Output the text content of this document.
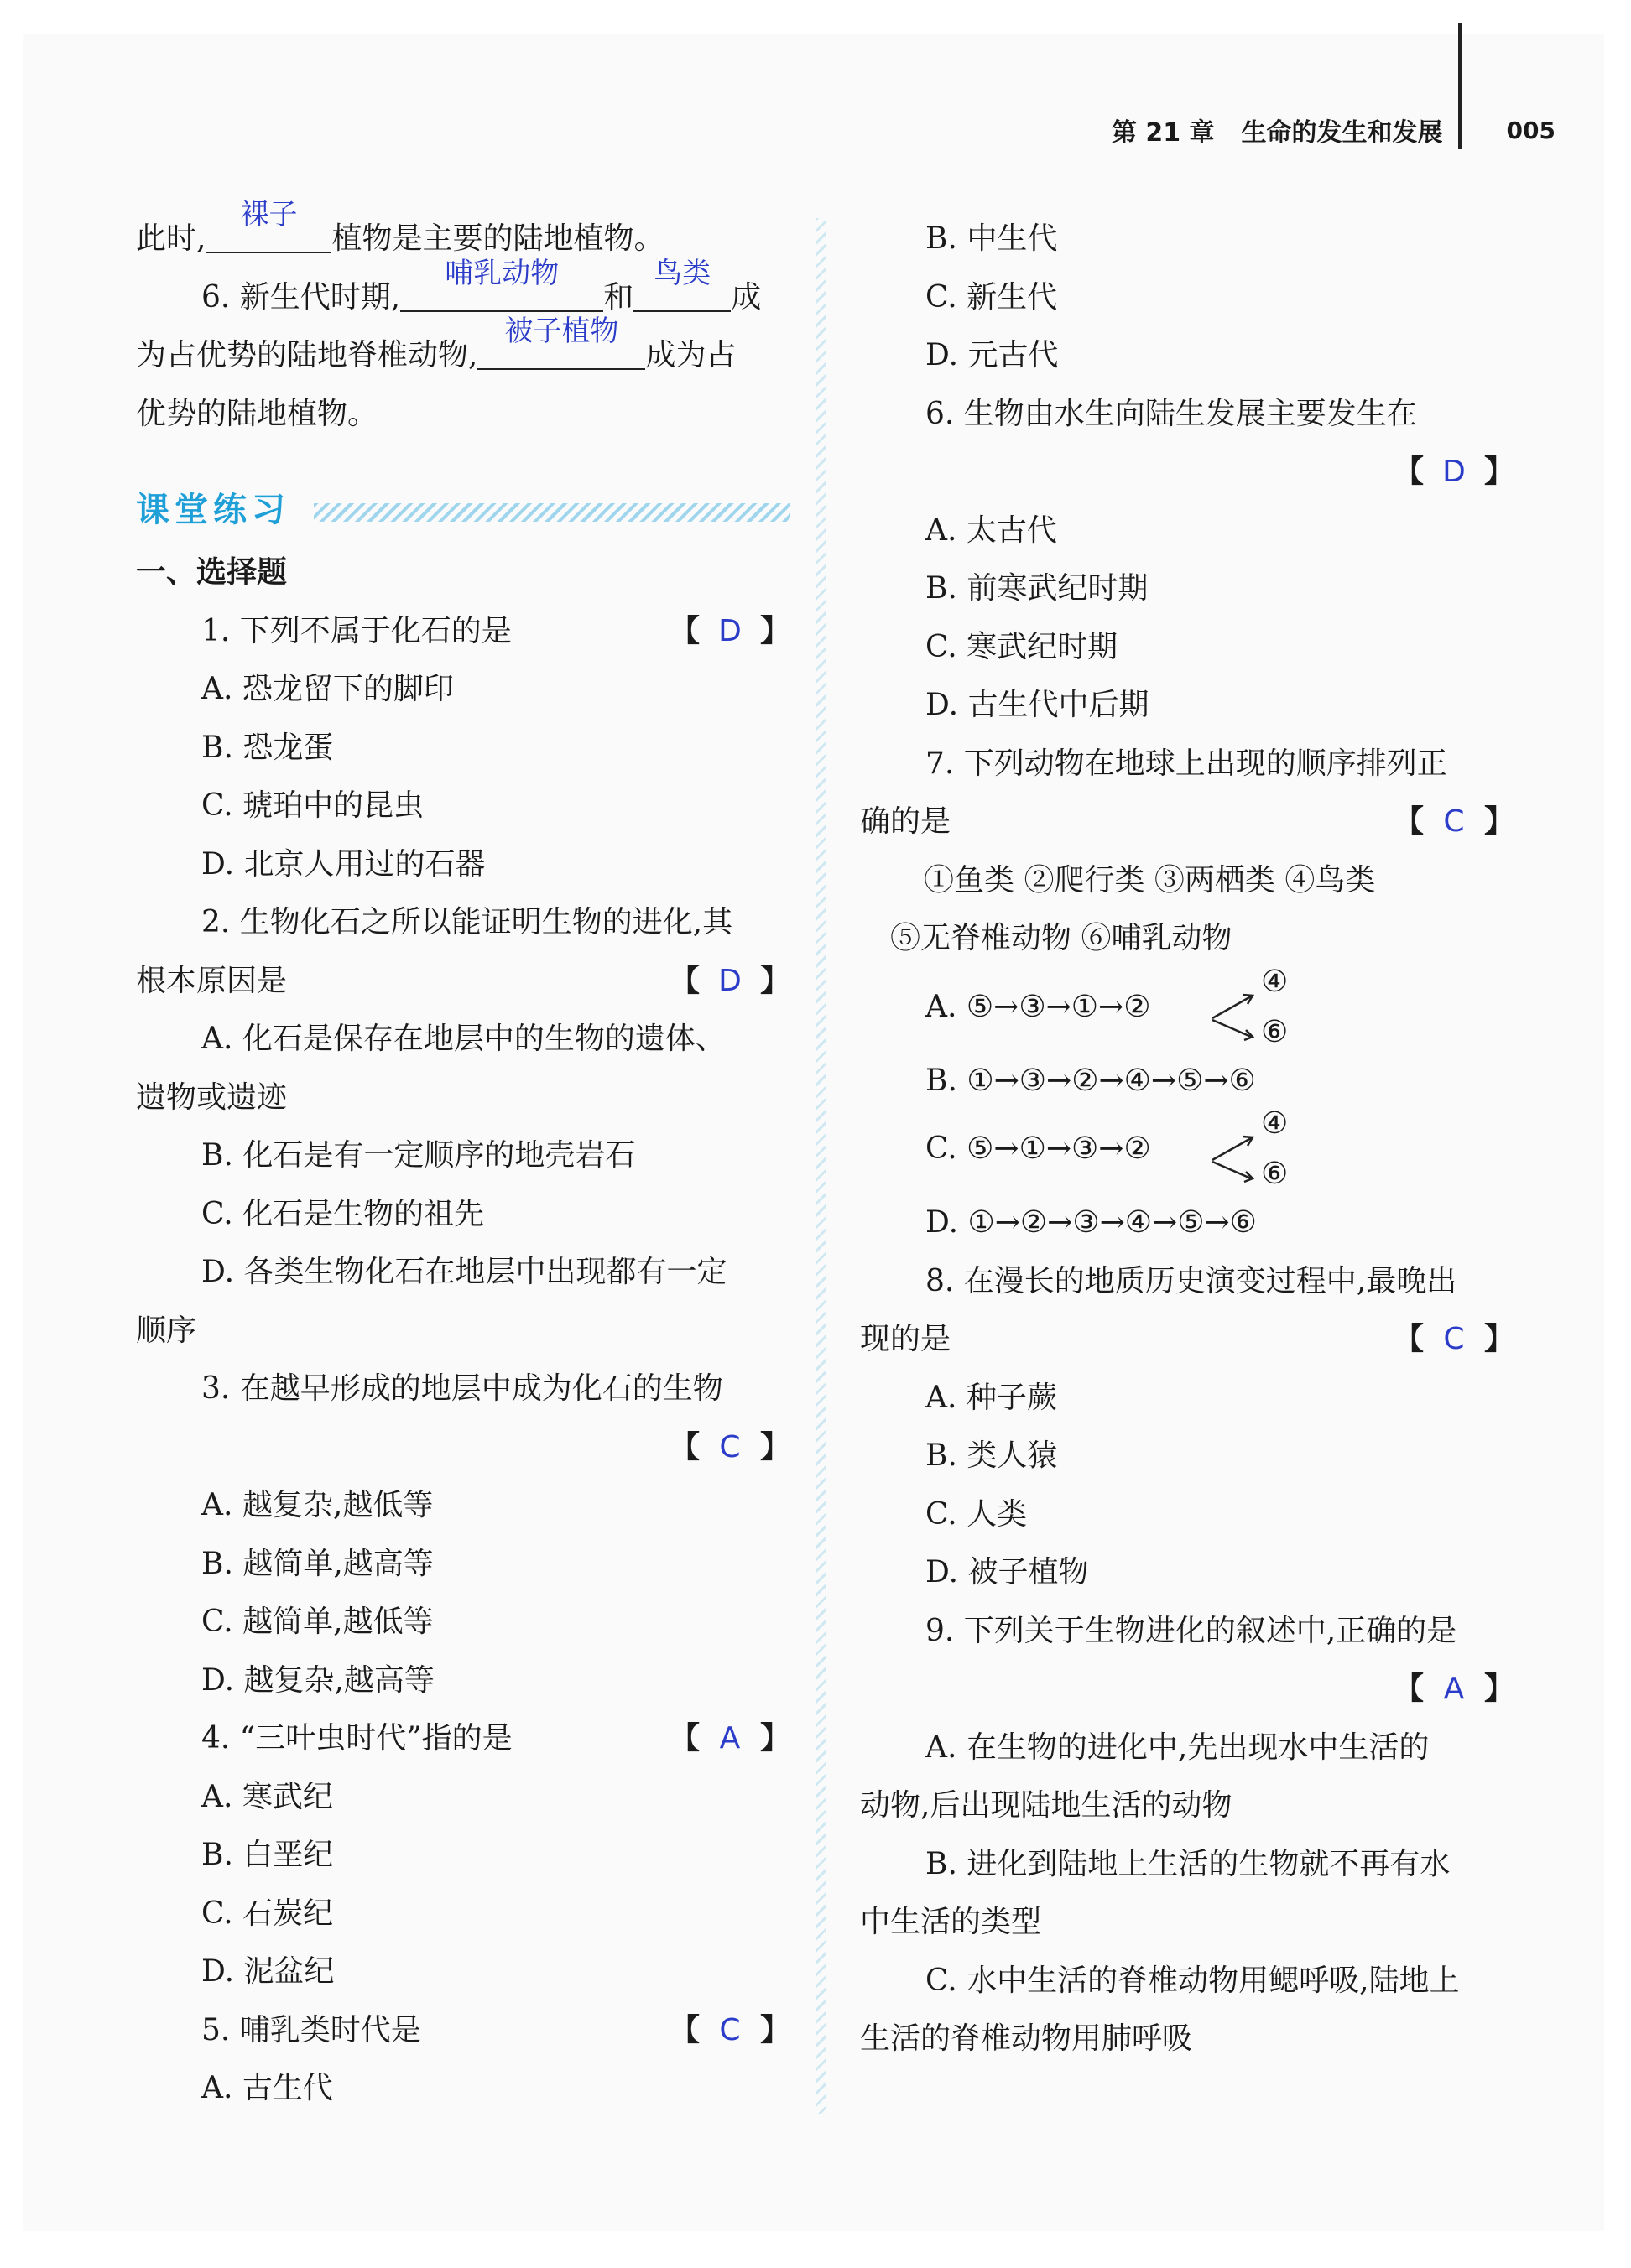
第 21 章 生命的发生和发展	005
此时,
裸子
植物是主要的陆地植物。
6. 新生代时期,
哺乳动物
和
鸟类
成
为占优势的陆地脊椎动物,
被子植物
成为占
优势的陆地植物。
课堂练习
一、选择题
1. 下列不属于化石的是	【 D 】
A. 恐龙留下的脚印
B. 恐龙蛋
C. 琥珀中的昆虫
D. 北京人用过的石器
2. 生物化石之所以能证明生物的进化,其
根本原因是	【 D 】
A. 化石是保存在地层中的生物的遗体、
遗物或遗迹
B. 化石是有一定顺序的地壳岩石
C. 化石是生物的祖先
D. 各类生物化石在地层中出现都有一定
顺序
3. 在越早形成的地层中成为化石的生物
【 C 】
A. 越复杂,越低等
B. 越简单,越高等
C. 越简单,越低等
D. 越复杂,越高等
4. “三叶虫时代”指的是	【 A 】
A. 寒武纪
B. 白垩纪
C. 石炭纪
D. 泥盆纪
5. 哺乳类时代是	【 C 】
A. 古生代
B. 中生代
C. 新生代
D. 元古代
6. 生物由水生向陆生发展主要发生在
【 D 】
A. 太古代
B. 前寒武纪时期
C. 寒武纪时期
D. 古生代中后期
7. 下列动物在地球上出现的顺序排列正
确的是	【 C 】
①鱼类 ②爬行类 ③两栖类 ④鸟类
⑤无脊椎动物 ⑥哺乳动物
A. ⑤→③→①→②
④
⑥
B. ①→③→②→④→⑤→⑥
C. ⑤→①→③→②
④
⑥
D. ①→②→③→④→⑤→⑥
8. 在漫长的地质历史演变过程中,最晚出
现的是	【 C 】
A. 种子蕨
B. 类人猿
C. 人类
D. 被子植物
9. 下列关于生物进化的叙述中,正确的是
【 A 】
A. 在生物的进化中,先出现水中生活的
动物,后出现陆地生活的动物
B. 进化到陆地上生活的生物就不再有水
中生活的类型
C. 水中生活的脊椎动物用鳃呼吸,陆地上
生活的脊椎动物用肺呼吸
